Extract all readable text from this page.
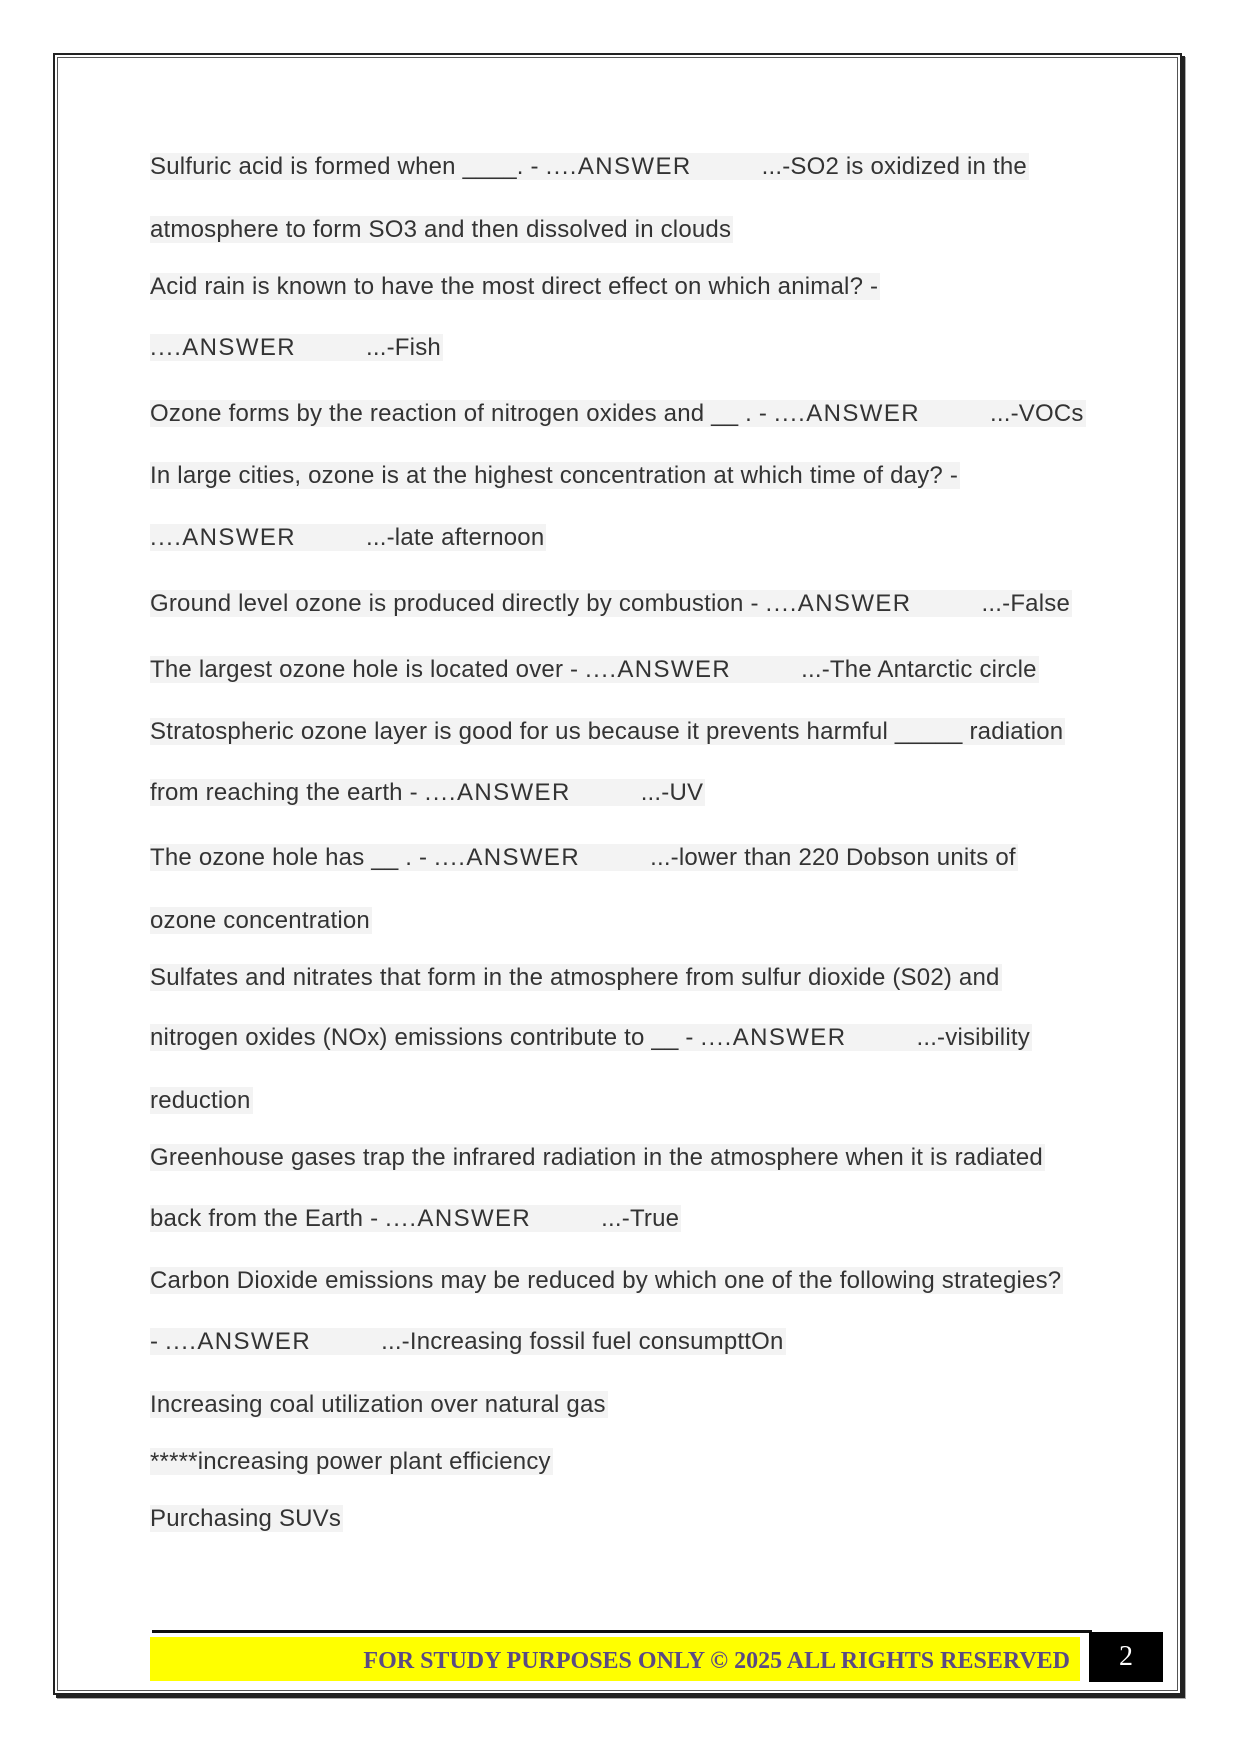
Sulfuric acid is formed when ____. - ....ANSWER	...-SO2 is oxidized in the
atmosphere to form SO3 and then dissolved in clouds
Acid rain is known to have the most direct effect on which animal? -
....ANSWER	...-Fish
Ozone forms by the reaction of nitrogen oxides and __ . - ....ANSWER	...-VOCs
In large cities, ozone is at the highest concentration at which time of day? -
....ANSWER	...-late afternoon
Ground level ozone is produced directly by combustion - ....ANSWER	...-False
The largest ozone hole is located over - ....ANSWER	...-The Antarctic circle
Stratospheric ozone layer is good for us because it prevents harmful _____ radiation
from reaching the earth - ....ANSWER	...-UV
The ozone hole has __ . - ....ANSWER	...-lower than 220 Dobson units of
ozone concentration
Sulfates and nitrates that form in the atmosphere from sulfur dioxide (S02) and
nitrogen oxides (NOx) emissions contribute to __ - ....ANSWER	...-visibility
reduction
Greenhouse gases trap the infrared radiation in the atmosphere when it is radiated
back from the Earth - ....ANSWER	...-True
Carbon Dioxide emissions may be reduced by which one of the following strategies?
- ....ANSWER	...-Increasing fossil fuel consumpttOn
Increasing coal utilization over natural gas
*****increasing power plant efficiency
Purchasing SUVs
FOR STUDY PURPOSES ONLY © 2025 ALL RIGHTS RESERVED	2
